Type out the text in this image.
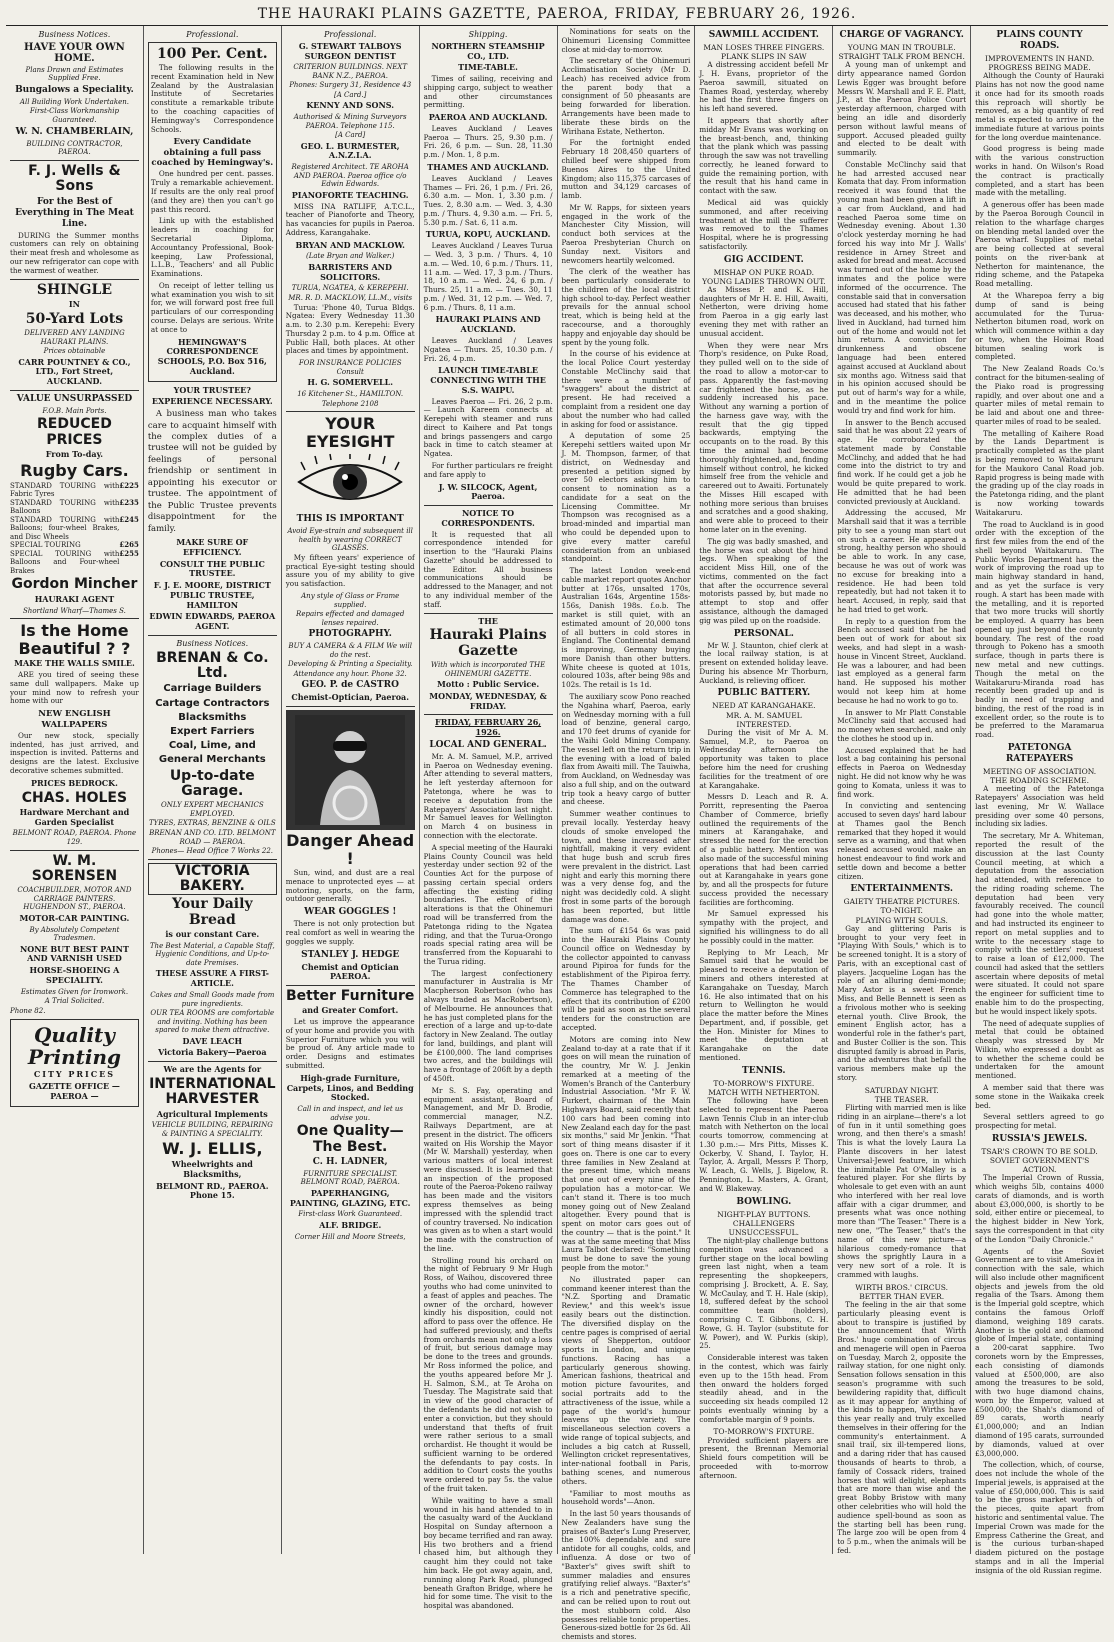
THE HAURAKI PLAINS GAZETTE, PAEROA, FRIDAY, FEBRUARY 26, 1926.
Business Notices.
HAVE YOUR OWN HOME.
Plans Drawn and Estimates Supplied Free.
Bungalows a Speciality.
All Building Work Undertaken.
First-Class Workmanship Guaranteed.
W. N. CHAMBERLAIN,
BUILDING CONTRACTOR, PAEROA.
F. J. Wells & Sons
For the Best of Everything in The Meat Line.

DURING the Summer months customers can rely on obtaining their meat fresh and wholesome as our new refrigerator can cope with the warmest of weather.

SHINGLE
IN
50-Yard Lots
DELIVERED ANY LANDING HAURAKI PLAINS.
Prices obtainable
CARR POUNTNEY & CO., LTD., Fort Street, AUCKLAND.
VALUE UNSURPASSED
F.O.B. Main Ports.
REDUCED PRICES
From To-day.
Rugby Cars.
STANDARD TOURING with Fabric Tyres
£225
STANDARD TOURING with Balloons
£235
STANDARD TOURING with Balloons; four-wheel Brakes, and Disc Wheels
£245
SPECIAL TOURING	£265
SPECIAL TOURING with Balloons and Four-wheel Brakes
£255
Gordon Mincher
HAURAKI AGENT
Shortland Wharf—Thames S.
Is the Home Beautiful ? ?
MAKE THE WALLS SMILE.

ARE you tired of seeing these same dull wallpapers. Make up your mind now to refresh your home with our

NEW ENGLISH WALLPAPERS

Our new stock, specially indented, has just arrived, and inspection is invited. Patterns and designs are the latest. Exclusive decorative schemes submitted.

PRICES BEDROCK.
CHAS. HOLES
Hardware Merchant and Garden Specialist
BELMONT ROAD, PAEROA. Phone 129.
W. M. SORENSEN
COACHBUILDER, MOTOR AND CARRIAGE PAINTERS. HUGHENDON ST., PAEROA.
MOTOR-CAR PAINTING.
By Absolutely Competent Tradesmen.
NONE BUT BEST PAINT AND VARNISH USED
HORSE-SHOEING A SPECIALITY.
Estimates Given for Ironwork.
A Trial Solicited.
Phone 82.
Quality Printing
CITY PRICES
GAZETTE OFFICE — PAEROA —
Professional.
100 Per. Cent.

The following results in the recent Examination held in New Zealand by the Australasian Institute of Secretaries constitute a remarkable tribute to the coaching capacities of Hemingway's Correspondence Schools.

Every Candidate obtaining a full pass coached by Hemingway's.

One hundred per cent. passes. Truly a remarkable achievement. If results are the only real proof (and they are) then you can't go past this record.

Link up with the established leaders in coaching for Secretarial Diploma, Accountancy Professional, Book-keeping, Law Professional, L.L.B., Teachers' and all Public Examinations.

On receipt of letter telling us what examination you wish to sit for, we will forward post free full particulars of our corresponding course. Delays are serious. Write at once to

HEMINGWAY'S CORRESPONDENCE SCHOOLS, P.O. Box 516, Auckland.
YOUR TRUSTEE?
EXPERIENCE NECESSARY.

A business man who takes care to acquaint himself with the complex duties of a trustee will not be guided by feelings of personal friendship or sentiment in appointing his executor or trustee. The appointment of the Public Trustee prevents disappointment for the family.

MAKE SURE OF EFFICIENCY.
CONSULT THE PUBLIC TRUSTEE.
F. J. E. MOORE, DISTRICT PUBLIC TRUSTEE, HAMILTON
EDWIN EDWARDS, PAEROA AGENT.
Business Notices.
BRENAN & Co. Ltd.
Carriage Builders
Cartage Contractors
Blacksmiths
Expert Farriers
Coal, Lime, and
General Merchants
Up-to-date Garage.
ONLY EXPERT MECHANICS EMPLOYED.
TYRES, EXTRAS, BENZINE & OILS
BRENAN AND CO. LTD. BELMONT ROAD — PAEROA.
Phones— Head Office 7 Works 22.
VICTORIA BAKERY.
Your Daily Bread
is our constant Care.
The Best Material, a Capable Staff, Hygienic Conditions, and Up-to-date Premises.
THESE ASSURE A FIRST-ARTICLE.
Cakes and Small Goods made from pure ingredients.
OUR TEA ROOMS are comfortable and inviting. Nothing has been spared to make them attractive.
DAVE LEACH
Victoria Bakery—Paeroa
We are the Agents for
INTERNATIONAL HARVESTER
Agricultural Implements
VEHICLE BUILDING, REPAIRING & PAINTING A SPECIALITY.
W. J. ELLIS,
Wheelwrights and Blacksmiths,
BELMONT RD., PAEROA. Phone 15.
Professional.
G. STEWART TALBOYS SURGEON DENTIST
CRITERION BUILDINGS. NEXT BANK N.Z., PAEROA.
Phones: Surgery 31, Residence 43
[A Card.]
KENNY AND SONS.
Authorised & Mining Surveyors PAEROA. Telephone 115.
[A Card]
GEO. L. BURMESTER, A.N.Z.I.A.
Registered Architect. TE AROHA AND PAEROA. Paeroa office c/o Edwin Edwards.
PIANOFORTE TEACHING.

MISS INA RATLIFF, A.T.C.L., teacher of Pianoforte and Theory, has vacancies for pupils in Paeroa. Address, Karangahake.

BRYAN AND MACKLOW.
(Late Bryan and Walker.)
BARRISTERS AND SOLICITORS.
TURUA, NGATEA, & KEREPEHI.
MR. R. D. MACKLOW, LL.M., visits

Turua: 'Phone 40, Turua Bldgs. Ngatea: Every Wednesday 11.30 a.m. to 2.30 p.m. Kerepehi: Every Thursday 2 p.m. to 4 p.m. Office at Public Hall, both places. At other places and times by appointment.

FOR INSURANCE POLICIES Consult
H. G. SOMERVELL.
16 Kitchener St., HAMILTON.
Telephone 2108
YOUR EYESIGHT
THIS IS IMPORTANT
Avoid Eye-strain and subsequent ill health by wearing CORRECT GLASSES.

My fifteen years' experience of practical Eye-sight testing should assure you of my ability to give you satisfaction.

Any style of Glass or Frame supplied.
Repairs effected and damaged lenses repaired.
PHOTOGRAPHY.
BUY A CAMERA & A FILM We will do the rest.
Developing & Printing a Speciality.
Attendance any hour. Phone 32.
GEO. P. de CASTRO
Chemist-Optician, Paeroa.
Danger Ahead !

Sun, wind, and dust are a real menace to unprotected eyes — at motoring, sports, on the farm, outdoor generally.

WEAR GOGGLES !

There is not only protection but real comfort as well in wearing the goggles we supply.

STANLEY J. HEDGE
Chemist and Optician PAEROA.
Better Furniture
and Greater Comfort.

Let us improve the appearance of your home and provide you with Superior Furniture which you will be proud of. Any article made to order. Designs and estimates submitted.

High-grade Furniture, Carpets, Linos, and Bedding Stocked.
Call in and inspect, and let us advise you.
One Quality—The Best.
C. H. LADNER,
FURNITURE SPECIALIST. BELMONT ROAD, PAEROA.
PAPERHANGING, PAINTING, GLAZING, ETC.
First-class Work Guaranteed.
ALF. BRIDGE.
Corner Hill and Moore Streets,
Shipping.
NORTHERN STEAMSHIP CO., LTD.
TIME-TABLE.

Times of sailing, receiving and shipping cargo, subject to weather and other circumstances permitting.

PAEROA AND AUCKLAND.

Leaves Auckland / Leaves Paeroa — Thurs. 25, 9.30 p.m. / Fri. 26, 6 p.m. — Sun. 28, 11.30 p.m. / Mon. 1, 8 p.m.

THAMES AND AUCKLAND.

Leaves Auckland / Leaves Thames — Fri. 26, 1 p.m. / Fri. 26, 6.30 a.m. — Mon. 1, 3.30 p.m. / Tues. 2, 8.30 a.m. — Wed. 3, 4.30 p.m. / Thurs. 4, 9.30 a.m. — Fri. 5, 5.30 p.m. / Sat. 6, 11 a.m.

TURUA, KOPU, AUCKLAND.

Leaves Auckland / Leaves Turua — Wed. 3, 3 p.m. / Thurs. 4, 10 a.m. — Wed. 10, 6 p.m. / Thurs. 11, 11 a.m. — Wed. 17, 3 p.m. / Thurs. 18, 10 a.m. — Wed. 24, 6 p.m. / Thurs. 25, 11 a.m. — Tues. 30, 11 p.m. / Wed. 31, 12 p.m. — Wed. 7, 6 p.m. / Thurs. 8, 11 a.m.

HAURAKI PLAINS AND AUCKLAND.

Leaves Auckland / Leaves Ngatea — Thurs. 25, 10.30 p.m. / Fri. 26, 4 p.m.

LAUNCH TIME-TABLE CONNECTING WITH THE S.S. WAIPU.

Leaves Paeroa — Fri. 26, 2 p.m. — Launch Kareem connects at Kerepehi with steamer and runs direct to Kaihere and Pat tongs and brings passengers and cargo back in time to catch steamer at Ngatea.

For further particulars re freight and fare apply to

J. W. SILCOCK, Agent, Paeroa.
NOTICE TO CORRESPONDENTS.

It is requested that all correspondence intended for insertion to the "Hauraki Plains Gazette" should be addressed to the Editor. All business communications should be addressed to the Manager, and not to any individual member of the staff.

THE
Hauraki Plains Gazette
With which is incorporated THE OHINEMURI GAZETTE.
Motto : Public Service.
MONDAY, WEDNESDAY, & FRIDAY.
FRIDAY, FEBRUARY 26, 1926.
LOCAL AND GENERAL.

Mr. A. M. Samuel, M.P., arrived in Paeroa on Wednesday evening. After attending to several matters, he left yesterday afternoon for Patetonga, where he was to receive a deputation from the Ratepayers' Association last night. Mr Samuel leaves for Wellington on March 4 on business in connection with the electorate.

A special meeting of the Hauraki Plains County Council was held yesterday under section 92 of the Counties Act for the purpose of passing certain special orders affecting the existing riding boundaries. The effect of the alterations is that the Ohinemuri road will be transferred from the Patetonga riding to the Ngatea riding, and that the Turua-Orongo roads special rating area will be transferred from the Kopuarahi to the Turua riding.

The largest confectionery manufacturer in Australia is Mr Macpherson Robertson (who has always traded as MacRobertson), of Melbourne. He announces that he has just completed plans for the erection of a large and up-to-date factory in New Zealand. The outlay for land, buildings, and plant will be £100,000. The land comprises two acres, and the buildings will have a frontage of 206ft by a depth of 450ft.

Mr S. S. Fay, operating and equipment assistant, Board of Management, and Mr D. Brodie, commercial manager, N.Z. Railways Department, are at present in the district. The officers waited on His Worship the Mayor (Mr W. Marshall) yesterday, when various matters of local interest were discussed. It is learned that an inspection of the proposed route of the Paeroa-Pokeno railway has been made and the visitors express themselves as being impressed with the splendid tract of country traversed. No indication was given as to when a start would be made with the construction of the line.

Strolling round his orchard on the night of February 9 Mr Hugh Ross, of Waihou, discovered three youths who had come uninvited to a feast of apples and peaches. The owner of the orchard, however kindly his disposition, could not afford to pass over the offence. He had suffered previously, and thefts from orchards mean not only a loss of fruit, but serious damage may be done to the trees and grounds. Mr Ross informed the police, and the youths appeared before Mr J. H. Salmon, S.M., at Te Aroha on Tuesday. The Magistrate said that in view of the good character of the defendants he did not wish to enter a conviction, but they should understand that thefts of fruit were rather serious to a small orchardist. He thought it would be sufficient warning to be ordered the defendants to pay costs. In addition to Court costs the youths were ordered to pay 5s. the value of the fruit taken.

While waiting to have a small wound in his hand attended to in the casualty ward of the Auckland Hospital on Sunday afternoon a boy became terrified and ran away. His two brothers and a friend chased him, but although they caught him they could not take him back. He got away again, and, running along Park Road, plunged beneath Grafton Bridge, where he hid for some time. The visit to the hospital was abandoned.

Nominations for seats on the Ohinemuri Licensing Committee close at mid-day to-morrow.

The secretary of the Ohinemuri Acclimatisation Society (Mr D. Leach) has received advice from the parent body that a consignment of 50 pheasants are being forwarded for liberation. Arrangements have been made to liberate these birds on the Wirihana Estate, Netherton.

For the fortnight ended February 18 208,450 quarters of chilled beef were shipped from Buenos Aires to the United Kingdom; also 115,375 carcases of mutton and 34,129 carcases of lamb.

Mr W. Rapps, for sixteen years engaged in the work of the Manchester City Mission, will conduct both services at the Paeroa Presbyterian Church on Sunday next. Visitors and newcomers heartily welcomed.

The clerk of the weather has been particularly considerate to the children of the local district high school to-day. Perfect weather prevails for the annual school treat, which is being held at the racecourse, and a thoroughly happy and enjoyable day should be spent by the young folk.

In the course of his evidence at the local Police Court yesterday Constable McClinchy said that there were a number of "swaggers" about the district at present. He had received a complaint from a resident one day about the number who had called in asking for food or assistance.

A deputation of some 25 Kerepehi settlers waited upon Mr J. M. Thompson, farmer, of that district, on Wednesday and presented a petition signed by over 50 electors asking him to consent to nomination as a candidate for a seat on the Licensing Committee. Mr Thompson was recognised as a broad-minded and impartial man who could be depended upon to give every matter careful consideration from an unbiased standpoint.

The latest London week-end cable market report quotes Anchor butter at 176s, unsalted 170s, Australian 164s, Argentine 158s-156s, Danish 198s. f.o.b. The market is still quiet, with an estimated amount of 20,000 tons of all butters in cold stores in England. The Continental demand is improving, Germany buying more Danish than other butters. White cheese is quoted at 101s, coloured 103s, after being 98s and 102s. The retail is 1s 1d.

The auxiliary scow Pono reached the Ngahina wharf, Paeroa, early on Wednesday morning with a full load of benzine, general cargo, and 170 feet drums of cyanide for the Waihi Gold Mining Company. The vessel left on the return trip in the evening with a load of baled flax from Awaiti mill. The Tauiwha, from Auckland, on Wednesday was also a full ship, and on the outward trip took a heavy cargo of butter and cheese.

Summer weather continues to prevail locally. Yesterday heavy clouds of smoke enveloped the town, and these increased after nightfall, making it very evident that huge bush and scrub fires were prevalent in the district. Last night and early this morning there was a very dense fog, and the night was decidedly cold. A slight frost in some parts of the borough has been reported, but little damage was done.

The sum of £154 6s was paid into the Hauraki Plains County Council office on Wednesday by the collector appointed to canvass around Pipiroa for funds for the establishment of the Pipiroa ferry. The Thames Chamber of Commerce has telegraphed to the effect that its contribution of £200 will be paid as soon as the several tenders for the construction are accepted.

Motors are coming into New Zealand to-day at a rate that if it goes on will mean the ruination of the country, Mr W. J. Jenkin remarked at a meeting of the Women's Branch of the Canterbury Industrial Association. "Mr F. W. Furkert, chairman of the Main Highways Board, said recently that 100 cars had been coming into New Zealand each day for the past six months," said Mr Jenkin. "That sort of thing means disaster if it goes on. There is one car to every three families in New Zealand at the present time, which means that one out of every nine of the population has a motor-car. We can't stand it. There is too much money going out of New Zealand altogether. Every pound that is spent on motor cars goes out of the country — that is the point." It was at the same meeting that Miss Laura Talbot declared: "Something must be done to save the young people from the motor."

No illustrated paper can command keener interest than the "N.Z. Sporting and Dramatic Review," and this week's issue easily bears out the distinction. The diversified display on the centre pages is comprised of aerial views of Shepperton, outdoor sports in London, and unique functions. Racing has a particularly generous showing. American fashions, theatrical and motion picture favourites, and social portraits add to the attractiveness of the issue, while a page of the world's humour leavens up the variety. The miscellaneous selection covers a wide range of topical subjects, and includes a big catch at Russell, Wellington cricket representatives, inter-national football in Paris, bathing scenes, and numerous others.

"Familiar to most mouths as household words"—Anon.

In the last 50 years thousands of New Zealanders have sung the praises of Baxter's Lung Preserver, the 100% dependable and sure antidote for all coughs, colds, and influenza. A dose or two of "Baxter's" gives swift shift to summer maladies and ensures gratifying relief always. "Baxter's" is a rich and penetrative specific, and can be relied upon to rout out the most stubborn cold. Also possesses reliable tonic properties. Generous-sized bottle for 2s 6d. All chemists and stores.

SAWMILL ACCIDENT.
MAN LOSES THREE FINGERS.
PLANK SLIPS IN SAW

A distressing accident befell Mr J. H. Evans, proprietor of the Paeroa sawmill, situated on Thames Road, yesterday, whereby he had the first three fingers on his left hand severed.

It appears that shortly after midday Mr Evans was working on the breast-bench, and, thinking that the plank which was passing through the saw was not travelling correctly, he leaned forward to guide the remaining portion, with the result that his hand came in contact with the saw.

Medical aid was quickly summoned, and after receiving treatment at the mill the sufferer was removed to the Thames Hospital, where he is progressing satisfactorily.

GIG ACCIDENT.
MISHAP ON PUKE ROAD.
YOUNG LADIES THROWN OUT.

As Misses P. and K. Hill, daughters of Mr H. E. Hill, Awaiti, Netherton, were driving home from Paeroa in a gig early last evening they met with rather an unusual accident.

When they were near Mrs Thorp's residence, on Puke Road, they pulled well on to the side of the road to allow a motor-car to pass. Apparently the fast-moving car frightened the horse, as he suddenly increased his pace. Without any warning a portion of the harness gave way, with the result that the gig tipped backwards, emptying the occupants on to the road. By this time the animal had become thoroughly frightened, and, finding himself without control, he kicked himself free from the vehicle and careered out to Awaiti. Fortunately the Misses Hill escaped with nothing more serious than bruises and scratches and a good shaking, and were able to proceed to their home later on in the evening.

The gig was badly smashed, and the horse was cut about the hind legs. When speaking of the accident Miss Hill, one of the victims, commented on the fact that after the occurrence several motorists passed by, but made no attempt to stop and offer assistance, although the damaged gig was piled up on the roadside.

PERSONAL.

Mr W. J. Staunton, chief clerk at the local railway station, is at present on extended holiday leave. During his absence Mr Thorburn, Auckland, is relieving officer.

PUBLIC BATTERY.
NEED AT KARANGAHAKE.
MR. A. M. SAMUEL INTERESTED.

During the visit of Mr A. M. Samuel, M.P., to Paeroa on Wednesday afternoon the opportunity was taken to place before him the need for crushing facilities for the treatment of ore at Karangahake.

Messrs D. Leach and R. A. Porritt, representing the Paeroa Chamber of Commerce, briefly outlined the requirements of the miners at Karangahake, and stressed the need for the erection of a public battery. Mention was also made of the successful mining operations that had been carried out at Karangahake in years gone by, and all the prospects for future success provided the necessary facilities are forthcoming.

Mr Samuel expressed his sympathy with the project, and signified his willingness to do all he possibly could in the matter.

Replying to Mr Leach, Mr Samuel said that he would be pleased to receive a deputation of miners and others interested at Karangahake on Tuesday, March 16. He also intimated that on his return to Wellington he would place the matter before the Mines Department, and, if possible, get the Hon. Minister for Mines to meet the deputation at Karangahake on the date mentioned.

TENNIS.
TO-MORROW'S FIXTURE.
MATCH WITH NETHERTON.

The following have been selected to represent the Paeroa Lawn Tennis Club in an inter-club match with Netherton on the local courts tomorrow, commencing at 1.30 p.m.:— Mrs Pitts, Misses K. Ockerby, V. Shand, I. Taylor, H. Taylor, A. Argall, Messrs P. Thorp, W. Leach, G. Wells, J. Bigelow, R. Pennington, L. Masters, A. Grant, and W. Blakeway.

BOWLING.
NIGHT-PLAY BUTTONS.
CHALLENGERS UNSUCCESSFUL.

The night-play challenge buttons competition was advanced a further stage on the local bowling green last night, when a team representing the shopkeepers, comprising J. Brockett, A. E. Say, W. McCaulay, and T. H. Hale (skip), 18, suffered defeat by the school committee team (holders), comprising C. T. Gibbons, C. H. Rowe, G. H. Taylor (substitute for W. Power), and W. Purkis (skip), 25.

Considerable interest was taken in the contest, which was fairly even up to the 15th head. From then onward the holders forged steadily ahead, and in the succeeding six heads compiled 12 points eventually winning by a comfortable margin of 9 points.

TO-MORROW'S FIXTURE.

Provided sufficient players are present, the Brennan Memorial Shield fours competition will be proceeded with to-morrow afternoon.

CHARGE OF VAGRANCY.
YOUNG MAN IN TROUBLE.
STRAIGHT TALK FROM BENCH.

A young man of unkempt and dirty appearance named Gordon Lewis Egger was brought before Messrs W. Marshall and F. E. Platt, J.P., at the Paeroa Police Court yesterday afternoon, charged with being an idle and disorderly person without lawful means of support. Accused pleaded guilty and elected to be dealt with summarily.

Constable McClinchy said that he had arrested accused near Komata that day. From information received it was found that the young man had been given a lift in a car from Auckland, and had reached Paeroa some time on Wednesday evening. About 1.30 o'clock yesterday morning he had forced his way into Mr J. Walls' residence in Arney Street and asked for bread and meat. Accused was turned out of the home by the inmates and the police were informed of the occurrence. The constable said that in conversation accused had stated that his father was deceased, and his mother, who lived in Auckland, had turned him out of the home and would not let him return. A conviction for drunkenness and obscene language had been entered against accused at Auckland about six months ago. Witness said that in his opinion accused should be put out of harm's way for a while, and in the meantime the police would try and find work for him.

In answer to the Bench accused said that he was about 22 years of age. He corroborated the statement made by Constable McClinchy, and added that he had come into the district to try and find work. If he could get a job he would be quite prepared to work. He admitted that he had been convicted previously at Auckland.

Addressing the accused, Mr Marshall said that it was a terrible pity to see a young man start out on such a career. He appeared a strong, healthy person who should be able to work. In any case, because he was out of work was no excuse for breaking into a residence. He had been told repeatedly, but had not taken it to heart. Accused, in reply, said that he had tried to get work.

In reply to a question from the Bench accused said that he had been out of work for about six weeks, and had slept in a wash-house in Vincent Street, Auckland. He was a labourer, and had been last employed as a general farm hand. He supposed his mother would not keep him at home because he had no work to go to.

In answer to Mr Platt Constable McClinchy said that accused had no money when searched, and only the clothes he stood up in.

Accused explained that he had lost a bag containing his personal effects in Paeroa on Wednesday night. He did not know why he was going to Komata, unless it was to find work.

In convicting and sentencing accused to seven days' hard labour at Thames gaol the Bench remarked that they hoped it would serve as a warning, and that when released accused would make an honest endeavour to find work and settle down and become a better citizen.

ENTERTAINMENTS.
GAIETY THEATRE PICTURES.
TO-NIGHT.
PLAYING WITH SOULS.

Gay and glittering Paris is brought to your very feet in "Playing With Souls," which is to be screened tonight. It is a story of Paris, with an exceptional cast of players. Jacqueline Logan has the role of an alluring demi-monde; Mary Astor is a sweet French Miss, and Belle Bennett is seen as a frivolous mother who is seeking eternal youth. Clive Brook, the eminent English actor, has a wonderful role in the father's part, and Buster Collier is the son. This disrupted family is abroad in Paris, and the adventures that befall the various members make up the story.

SATURDAY NIGHT.
THE TEASER.

Flirting with married men is like riding in an airplane—there's a lot of fun in it until something goes wrong, and then there's a smash! This is what the lovely Laura La Plante discovers in her latest Universal-Jewel feature, in which the inimitable Pat O'Malley is a featured player. For she flirts by wholesale to get even with an aunt who interfered with her real love affair with a cigar drummer, and presents what was once nothing more than "The Teaser." There is a new one, "The Teaser," that's the name of this new picture—a hilarious comedy-romance that shows the sprightly Laura in a very new sort of a role. It is crammed with laughs.

WIRTH BROS.' CIRCUS.
BETTER THAN EVER.

The feeling in the air that some particularly pleasing event is about to transpire is justified by the announcement that Wirth Bros.' huge combination of circus and menagerie will open in Paeroa on Tuesday, March 2, opposite the railway station, for one night only. Sensation follows sensation in this season's programme with such bewildering rapidity that, difficult as it may appear for anything of the kinds to happen, Wirths have this year really and truly excelled themselves in their offering for the community's entertainment. A snail trail, six ill-tempered lions, and a daring rider that has caused thousands of hearts to throb, a family of Cossack riders, trained horses that will delight, elephants that are more than wise and the great Bobby Bristow with many other celebrities who will hold the audience spell-bound as soon as the starting bell has been rung. The large zoo will be open from 4 to 5 p.m., when the animals will be fed.

PLAINS COUNTY ROADS.
IMPROVEMENTS IN HAND.
PROGRESS BEING MADE.

Although the County of Hauraki Plains has not now the good name it once had for its smooth roads this reproach will shortly be removed, as a big quantity of red metal is expected to arrive in the immediate future at various points for the long overdue maintenance.

Good progress is being made with the various construction works in hand. On Wilson's Road the contract is practically completed, and a start has been made with the metalling.

A generous offer has been made by the Paeroa Borough Council in relation to the wharfage charges on blending metal landed over the Paeroa wharf. Supplies of metal are being collected at several points on the river-bank at Netherton for maintenance, the riding scheme, and the Patapeka Road metalling.

At the Wharepoa ferry a big dump of sand is being accumulated for the Turua-Netherton bitumen road, work on which will commence within a day or two, when the Hoimai Road bitumen sealing work is completed.

The New Zealand Roads Co.'s contract for the bitumen-sealing of the Piako road is progressing rapidly, and over about one and a quarter miles of metal remain to be laid and about one and three-quarter miles of road to be sealed.

The metalling of Kaihere Road by the Lands Department is practically completed as the plant is being removed to Waitakaruru for the Maukoro Canal Road job. Rapid progress is being made with the grading up of the clay roads in the Patetonga riding, and the plant is now working towards Waitakaruru.

The road to Auckland is in good order with the exception of the first few miles from the end of the shell beyond Waitakaruru. The Public Works Department has the work of improving the road up to main highway standard in hand, and as yet the surface is very rough. A start has been made with the metalling, and it is reported that two more trucks will shortly be employed. A quarry has been opened up just beyond the county boundary. The rest of the road through to Pokeno has a smooth surface, though in parts there is new metal and new cuttings. Though the metal on the Waitakaruru-Miranda road has recently been graded up and is badly in need of trapping and binding, the rest of the road is in excellent order, so the route is to be preferred to the Maramarua road.

PATETONGA RATEPAYERS
MEETING OF ASSOCIATION.
THE ROADING SCHEME.

A meeting of the Patetonga Ratepayers' Association was held last evening, Mr W. Wallace presiding over some 40 persons, including six ladies.

The secretary, Mr A. Whiteman, reported the result of the discussion at the last County Council meeting, at which a deputation from the association had attended, with reference to the riding roading scheme. The deputation had been very favourably received. The council had gone into the whole matter, and had instructed its engineer to report on metal supplies and to write to the necessary stage to comply with the settlers' request to raise a loan of £12,000. The council had asked that the settlers ascertain where deposits of metal were situated. It could not spare the engineer for sufficient time to enable him to do the prospecting, but he would inspect likely spots.

The need of adequate supplies of metal that could be obtained cheaply was stressed by Mr Wilkin, who expressed a doubt as to whether the scheme could be undertaken for the amount mentioned.

A member said that there was some stone in the Waikaka creek bed.

Several settlers agreed to go prospecting for metal.

RUSSIA'S JEWELS.
TSAR'S CROWN TO BE SOLD.
SOVIET GOVERNMENT'S ACTION.

The Imperial Crown of Russia, which weighs 5lb, contains 4000 carats of diamonds, and is worth about £3,000,000, is shortly to be sold, either entire or piecemeal, to the highest bidder in New York, says the correspondent in that city of the London "Daily Chronicle."

Agents of the Soviet Government are to visit America in connection with the sale, which will also include other magnificent objects and jewels from the old regalia of the Tsars. Among them is the Imperial gold sceptre, which contains the famous Orloff diamond, weighing 189 carats. Another is the gold and diamond globe of Imperial state, containing a 200-carat sapphire. Two coronets worn by the Empresses, each consisting of diamonds valued at £500,000, are also among the treasures to be sold, with two huge diamond chains, worn by the Emperor, valued at £500,000; the Shah's diamond of 89 carats, worth nearly £1,000,000; and an Indian diamond of 195 carats, surrounded by diamonds, valued at over £3,000,000.

The collection, which, of course, does not include the whole of the Imperial jewels, is appraised at the value of £50,000,000. This is said to be the gross market worth of the pieces, quite apart from historic and sentimental value. The Imperial Crown was made for the Empress Catherine the Great, and is the curious turban-shaped diadem pictured on the postage stamps and in all the Imperial insignia of the old Russian regime.
